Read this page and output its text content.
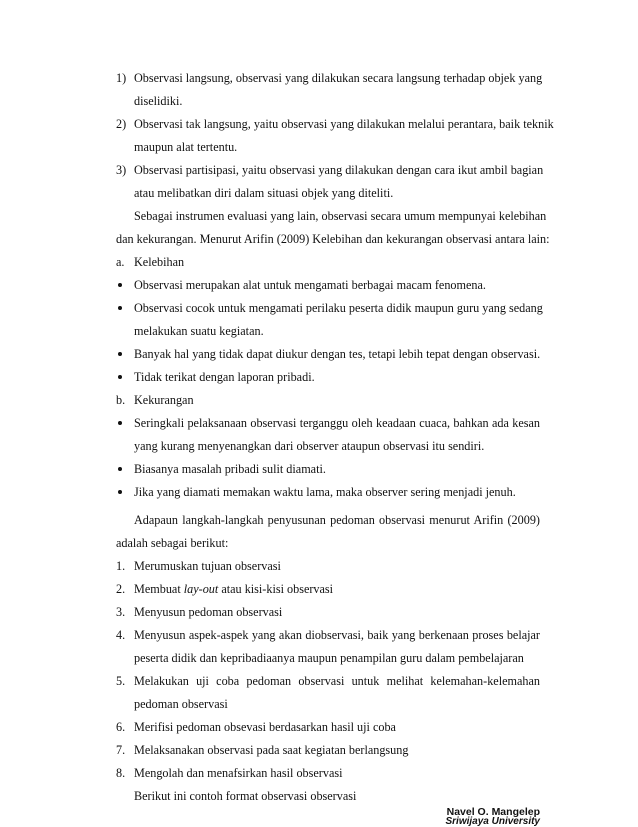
1) Observasi langsung, observasi yang dilakukan secara langsung terhadap objek yang
diselidiki.
2) Observasi tak langsung, yaitu observasi yang dilakukan melalui perantara, baik teknik
maupun alat tertentu.
3) Observasi partisipasi, yaitu observasi yang dilakukan dengan cara ikut ambil bagian
atau melibatkan diri dalam situasi objek yang diteliti.
Sebagai instrumen evaluasi yang lain, observasi secara umum mempunyai kelebihan
dan kekurangan. Menurut Arifin (2009) Kelebihan dan kekurangan observasi antara lain:
a. Kelebihan
Observasi merupakan alat untuk mengamati berbagai macam fenomena.
Observasi cocok untuk mengamati perilaku peserta didik maupun guru yang sedang
melakukan suatu kegiatan.
Banyak hal yang tidak dapat diukur dengan tes, tetapi lebih tepat dengan observasi.
Tidak terikat dengan laporan pribadi.
b. Kekurangan
Seringkali pelaksanaan observasi terganggu oleh keadaan cuaca, bahkan ada kesan
yang kurang menyenangkan dari observer ataupun observasi itu sendiri.
Biasanya masalah pribadi sulit diamati.
Jika yang diamati memakan waktu lama, maka observer sering menjadi jenuh.
Adapaun langkah-langkah penyusunan pedoman observasi menurut Arifin (2009)
adalah sebagai berikut:
1. Merumuskan tujuan observasi
2. Membuat lay-out atau kisi-kisi observasi
3. Menyusun pedoman observasi
4. Menyusun aspek-aspek yang akan diobservasi, baik yang berkenaan proses belajar
peserta didik dan kepribadiaanya maupun penampilan guru dalam pembelajaran
5. Melakukan uji coba pedoman observasi untuk melihat kelemahan-kelemahan
pedoman observasi
6. Merifisi pedoman obsevasi berdasarkan hasil uji coba
7. Melaksanakan observasi pada saat kegiatan berlangsung
8. Mengolah dan menafsirkan hasil observasi
Berikut ini contoh format observasi observasi
Navel O. Mangelep
Sriwijaya University
